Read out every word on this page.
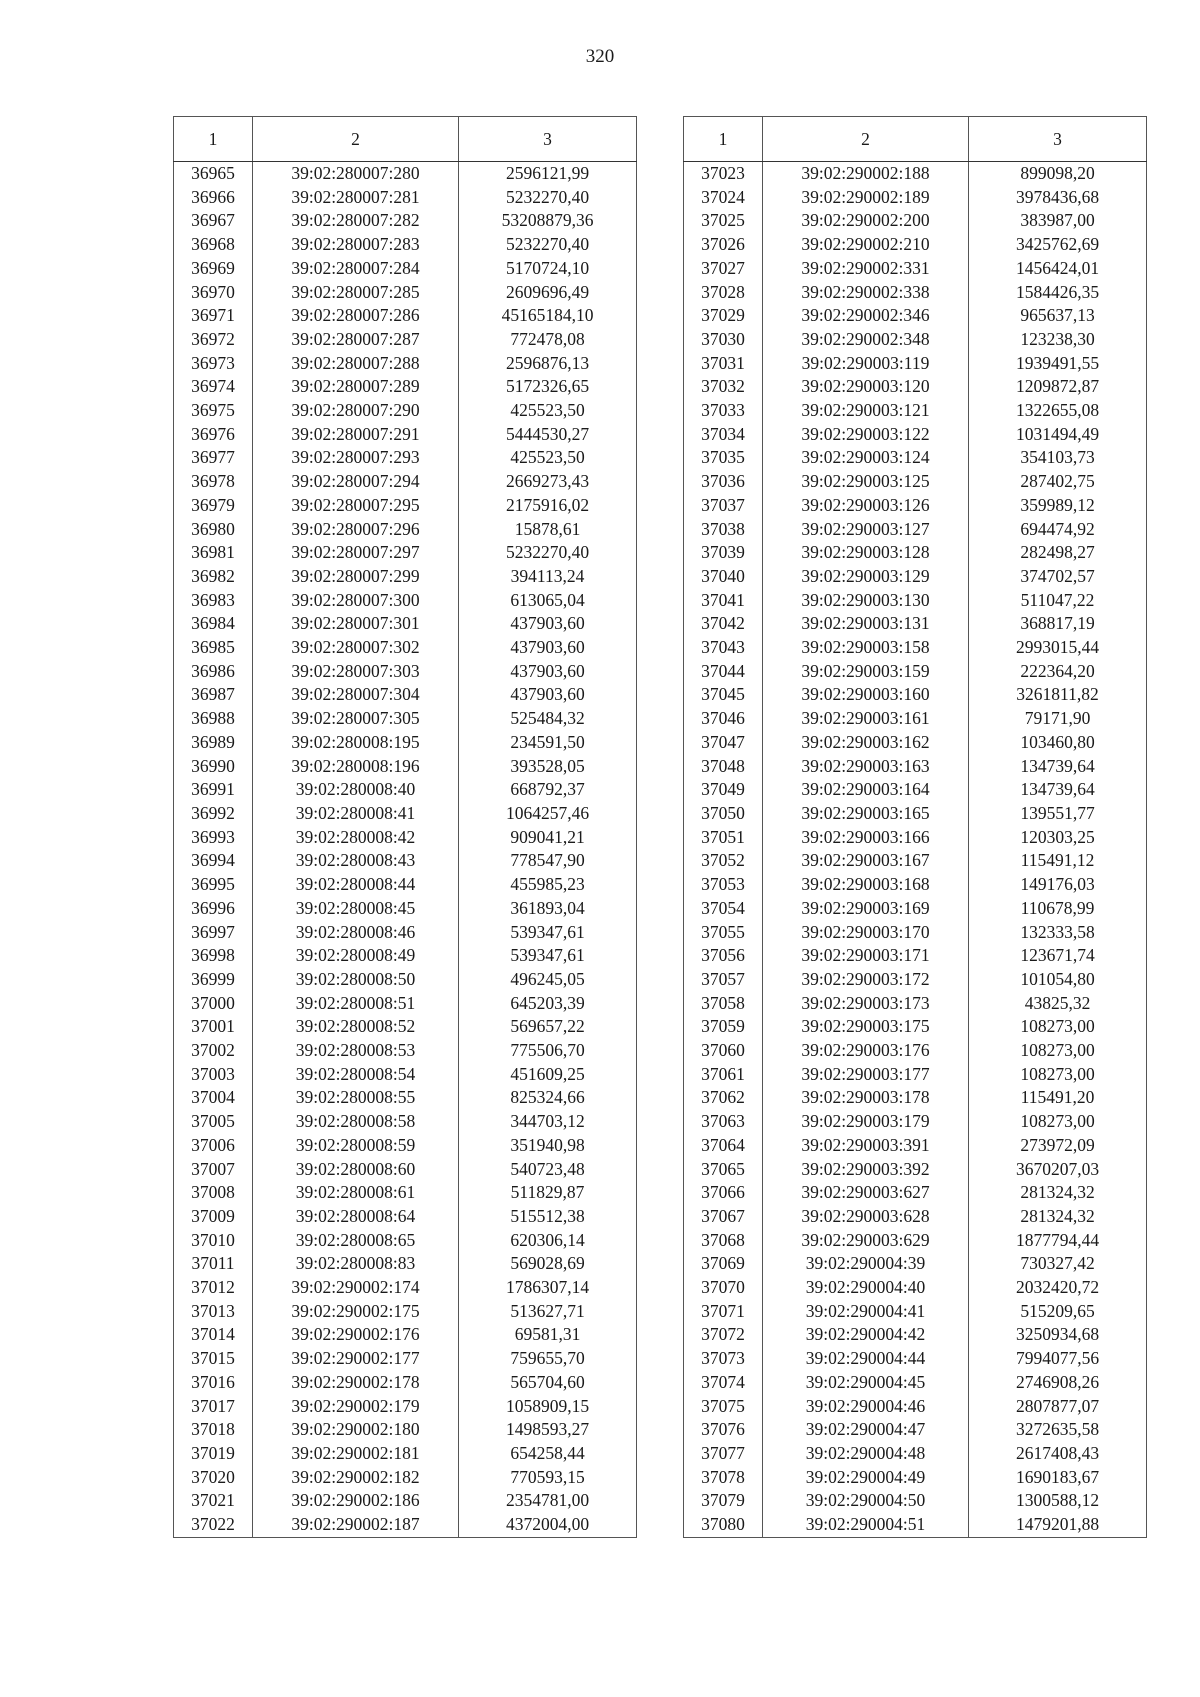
320
1	2	3
36965	39:02:280007:280	2596121,99
36966	39:02:280007:281	5232270,40
36967	39:02:280007:282	53208879,36
36968	39:02:280007:283	5232270,40
36969	39:02:280007:284	5170724,10
36970	39:02:280007:285	2609696,49
36971	39:02:280007:286	45165184,10
36972	39:02:280007:287	772478,08
36973	39:02:280007:288	2596876,13
36974	39:02:280007:289	5172326,65
36975	39:02:280007:290	425523,50
36976	39:02:280007:291	5444530,27
36977	39:02:280007:293	425523,50
36978	39:02:280007:294	2669273,43
36979	39:02:280007:295	2175916,02
36980	39:02:280007:296	15878,61
36981	39:02:280007:297	5232270,40
36982	39:02:280007:299	394113,24
36983	39:02:280007:300	613065,04
36984	39:02:280007:301	437903,60
36985	39:02:280007:302	437903,60
36986	39:02:280007:303	437903,60
36987	39:02:280007:304	437903,60
36988	39:02:280007:305	525484,32
36989	39:02:280008:195	234591,50
36990	39:02:280008:196	393528,05
36991	39:02:280008:40	668792,37
36992	39:02:280008:41	1064257,46
36993	39:02:280008:42	909041,21
36994	39:02:280008:43	778547,90
36995	39:02:280008:44	455985,23
36996	39:02:280008:45	361893,04
36997	39:02:280008:46	539347,61
36998	39:02:280008:49	539347,61
36999	39:02:280008:50	496245,05
37000	39:02:280008:51	645203,39
37001	39:02:280008:52	569657,22
37002	39:02:280008:53	775506,70
37003	39:02:280008:54	451609,25
37004	39:02:280008:55	825324,66
37005	39:02:280008:58	344703,12
37006	39:02:280008:59	351940,98
37007	39:02:280008:60	540723,48
37008	39:02:280008:61	511829,87
37009	39:02:280008:64	515512,38
37010	39:02:280008:65	620306,14
37011	39:02:280008:83	569028,69
37012	39:02:290002:174	1786307,14
37013	39:02:290002:175	513627,71
37014	39:02:290002:176	69581,31
37015	39:02:290002:177	759655,70
37016	39:02:290002:178	565704,60
37017	39:02:290002:179	1058909,15
37018	39:02:290002:180	1498593,27
37019	39:02:290002:181	654258,44
37020	39:02:290002:182	770593,15
37021	39:02:290002:186	2354781,00
37022	39:02:290002:187	4372004,00
1	2	3
37023	39:02:290002:188	899098,20
37024	39:02:290002:189	3978436,68
37025	39:02:290002:200	383987,00
37026	39:02:290002:210	3425762,69
37027	39:02:290002:331	1456424,01
37028	39:02:290002:338	1584426,35
37029	39:02:290002:346	965637,13
37030	39:02:290002:348	123238,30
37031	39:02:290003:119	1939491,55
37032	39:02:290003:120	1209872,87
37033	39:02:290003:121	1322655,08
37034	39:02:290003:122	1031494,49
37035	39:02:290003:124	354103,73
37036	39:02:290003:125	287402,75
37037	39:02:290003:126	359989,12
37038	39:02:290003:127	694474,92
37039	39:02:290003:128	282498,27
37040	39:02:290003:129	374702,57
37041	39:02:290003:130	511047,22
37042	39:02:290003:131	368817,19
37043	39:02:290003:158	2993015,44
37044	39:02:290003:159	222364,20
37045	39:02:290003:160	3261811,82
37046	39:02:290003:161	79171,90
37047	39:02:290003:162	103460,80
37048	39:02:290003:163	134739,64
37049	39:02:290003:164	134739,64
37050	39:02:290003:165	139551,77
37051	39:02:290003:166	120303,25
37052	39:02:290003:167	115491,12
37053	39:02:290003:168	149176,03
37054	39:02:290003:169	110678,99
37055	39:02:290003:170	132333,58
37056	39:02:290003:171	123671,74
37057	39:02:290003:172	101054,80
37058	39:02:290003:173	43825,32
37059	39:02:290003:175	108273,00
37060	39:02:290003:176	108273,00
37061	39:02:290003:177	108273,00
37062	39:02:290003:178	115491,20
37063	39:02:290003:179	108273,00
37064	39:02:290003:391	273972,09
37065	39:02:290003:392	3670207,03
37066	39:02:290003:627	281324,32
37067	39:02:290003:628	281324,32
37068	39:02:290003:629	1877794,44
37069	39:02:290004:39	730327,42
37070	39:02:290004:40	2032420,72
37071	39:02:290004:41	515209,65
37072	39:02:290004:42	3250934,68
37073	39:02:290004:44	7994077,56
37074	39:02:290004:45	2746908,26
37075	39:02:290004:46	2807877,07
37076	39:02:290004:47	3272635,58
37077	39:02:290004:48	2617408,43
37078	39:02:290004:49	1690183,67
37079	39:02:290004:50	1300588,12
37080	39:02:290004:51	1479201,88
